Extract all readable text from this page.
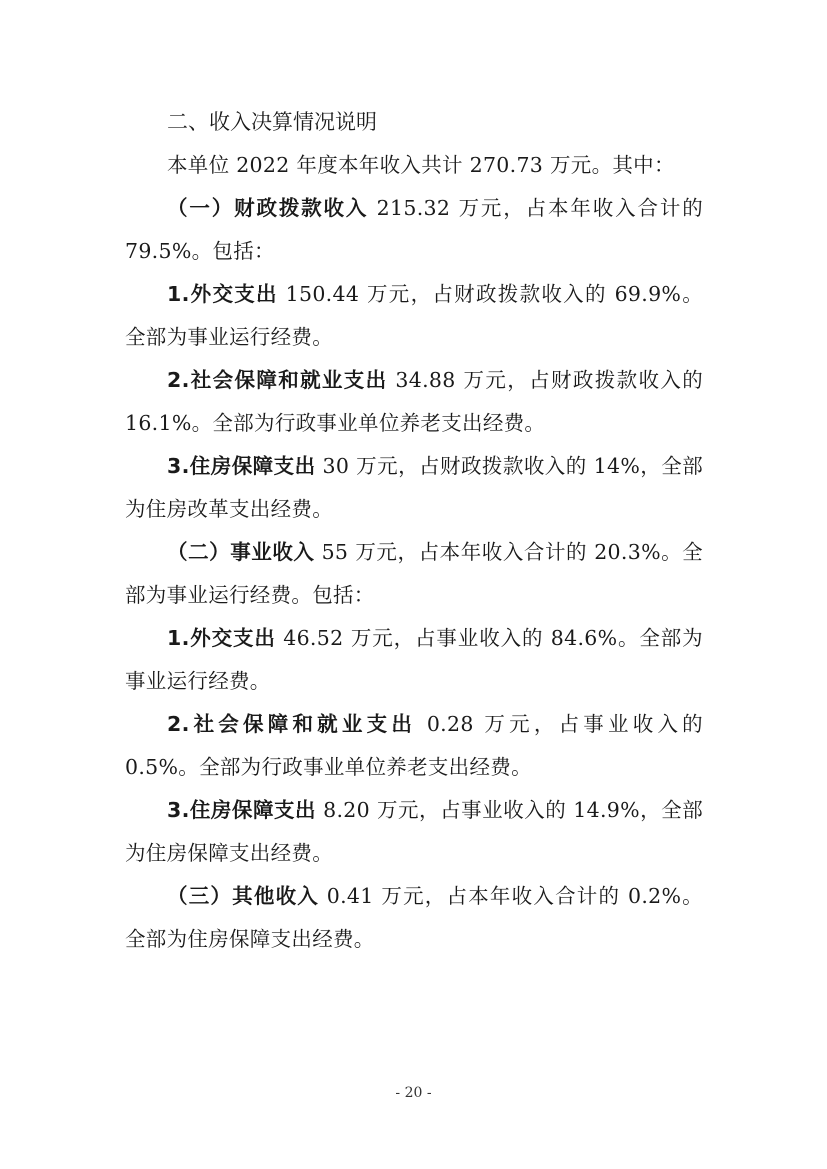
二、收入决算情况说明

本单位 2022 年度本年收入共计 270.73 万元。其中：

（一）财政拨款收入 215.32 万元，占本年收入合计的 79.5%。包括：

1.外交支出 150.44 万元，占财政拨款收入的 69.9%。全部为事业运行经费。

2.社会保障和就业支出 34.88 万元，占财政拨款收入的 16.1%。全部为行政事业单位养老支出经费。

3.住房保障支出 30 万元，占财政拨款收入的 14%，全部为住房改革支出经费。

（二）事业收入 55 万元，占本年收入合计的 20.3%。全部为事业运行经费。包括：

1.外交支出 46.52 万元，占事业收入的 84.6%。全部为事业运行经费。

2.社会保障和就业支出 0.28 万元，占事业收入的 0.5%。全部为行政事业单位养老支出经费。

3.住房保障支出 8.20 万元，占事业收入的 14.9%，全部为住房保障支出经费。

（三）其他收入 0.41 万元，占本年收入合计的 0.2%。全部为住房保障支出经费。

- 20 -
